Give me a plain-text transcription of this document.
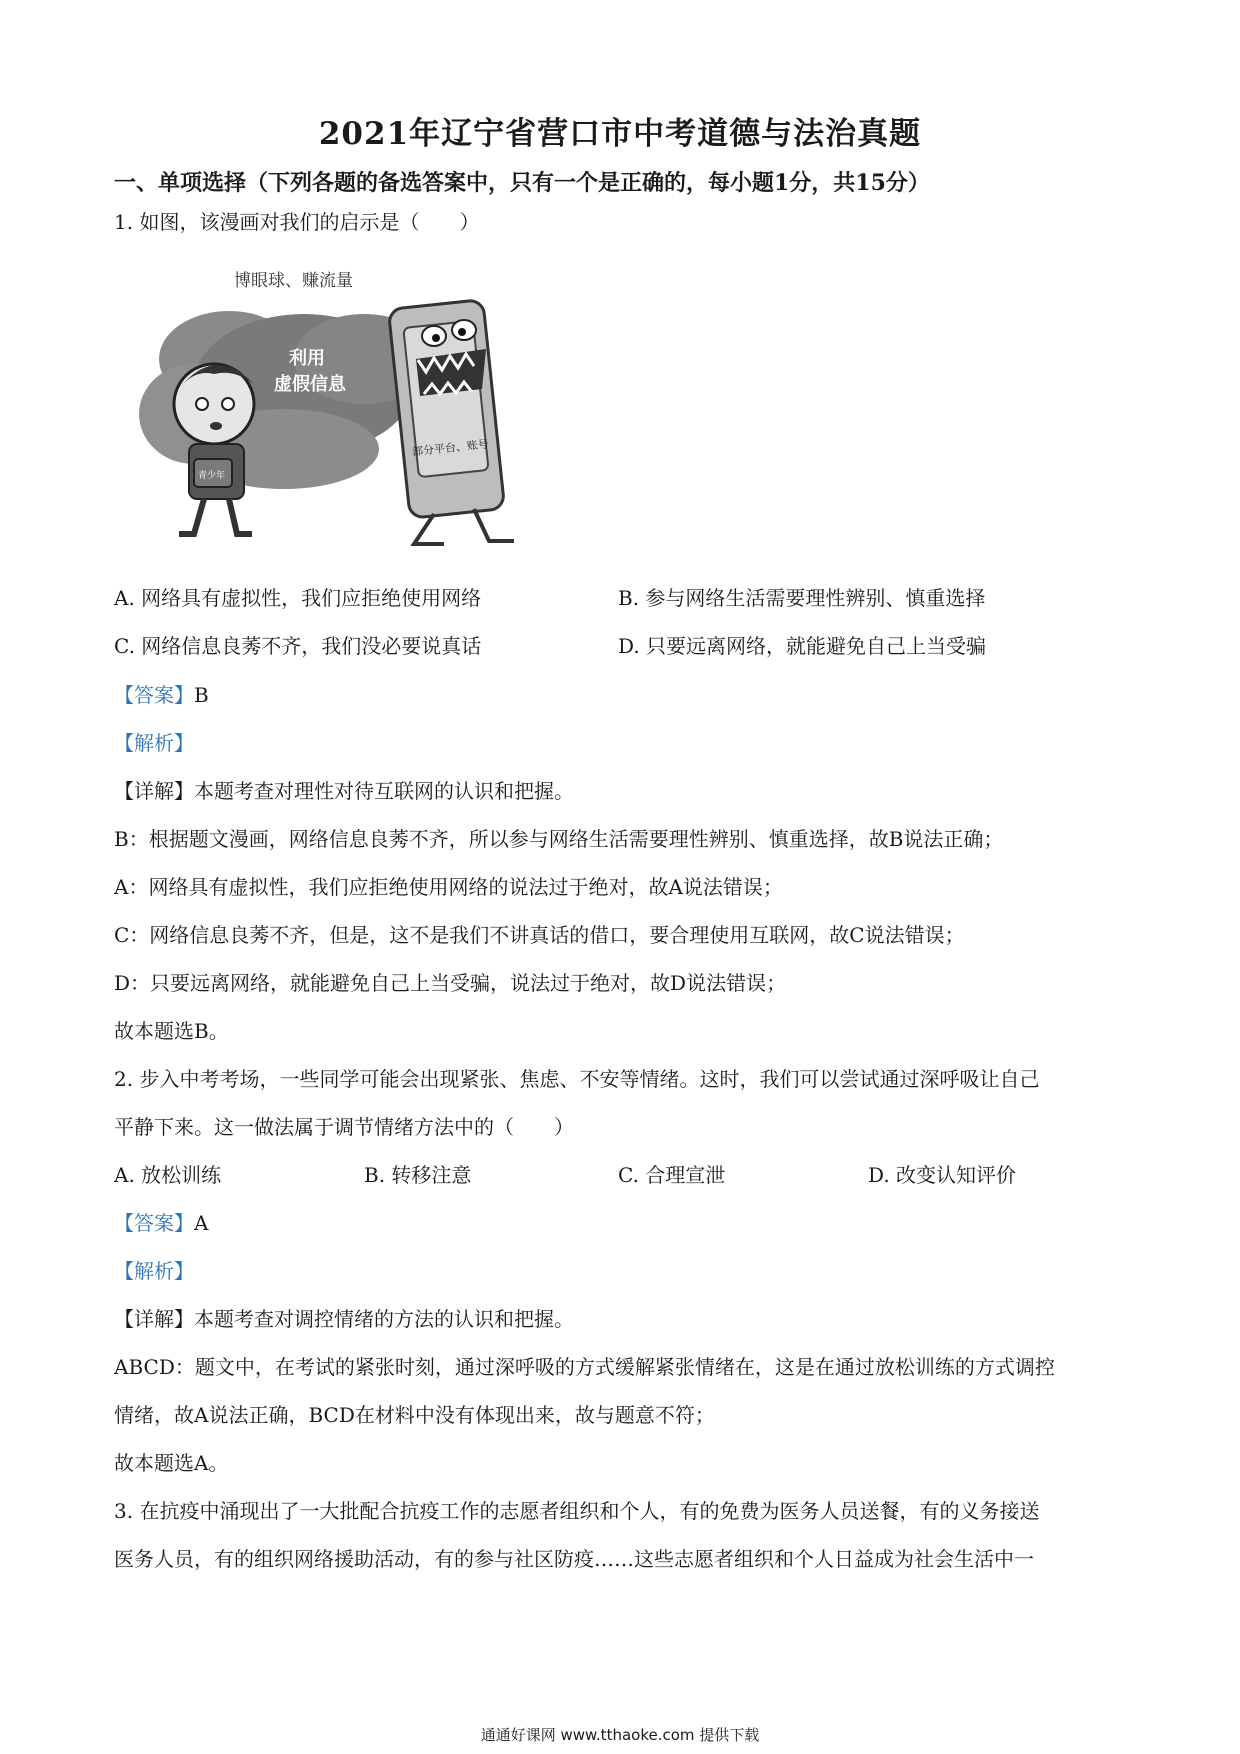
2021年辽宁省营口市中考道德与法治真题
一、单项选择（下列各题的备选答案中，只有一个是正确的，每小题1分，共15分）
1. 如图，该漫画对我们的启示是（　　）
博眼球、赚流量
利用
虚假信息
部分平台、账号
青少年
A. 网络具有虚拟性，我们应拒绝使用网络	B. 参与网络生活需要理性辨别、慎重选择
C. 网络信息良莠不齐，我们没必要说真话	D. 只要远离网络，就能避免自己上当受骗
【答案】B
【解析】
【详解】本题考查对理性对待互联网的认识和把握。
B：根据题文漫画，网络信息良莠不齐，所以参与网络生活需要理性辨别、慎重选择，故B说法正确；
A：网络具有虚拟性，我们应拒绝使用网络的说法过于绝对，故A说法错误；
C：网络信息良莠不齐，但是，这不是我们不讲真话的借口，要合理使用互联网，故C说法错误；
D：只要远离网络，就能避免自己上当受骗，说法过于绝对，故D说法错误；
故本题选B。
2. 步入中考考场，一些同学可能会出现紧张、焦虑、不安等情绪。这时，我们可以尝试通过深呼吸让自己
平静下来。这一做法属于调节情绪方法中的（　　）
A. 放松训练	B. 转移注意	C. 合理宣泄	D. 改变认知评价
【答案】A
【解析】
【详解】本题考查对调控情绪的方法的认识和把握。
ABCD：题文中，在考试的紧张时刻，通过深呼吸的方式缓解紧张情绪在，这是在通过放松训练的方式调控
情绪，故A说法正确，BCD在材料中没有体现出来，故与题意不符；
故本题选A。
3. 在抗疫中涌现出了一大批配合抗疫工作的志愿者组织和个人，有的免费为医务人员送餐，有的义务接送
医务人员，有的组织网络援助活动，有的参与社区防疫……这些志愿者组织和个人日益成为社会生活中一
通通好课网 www.tthaoke.com 提供下载
